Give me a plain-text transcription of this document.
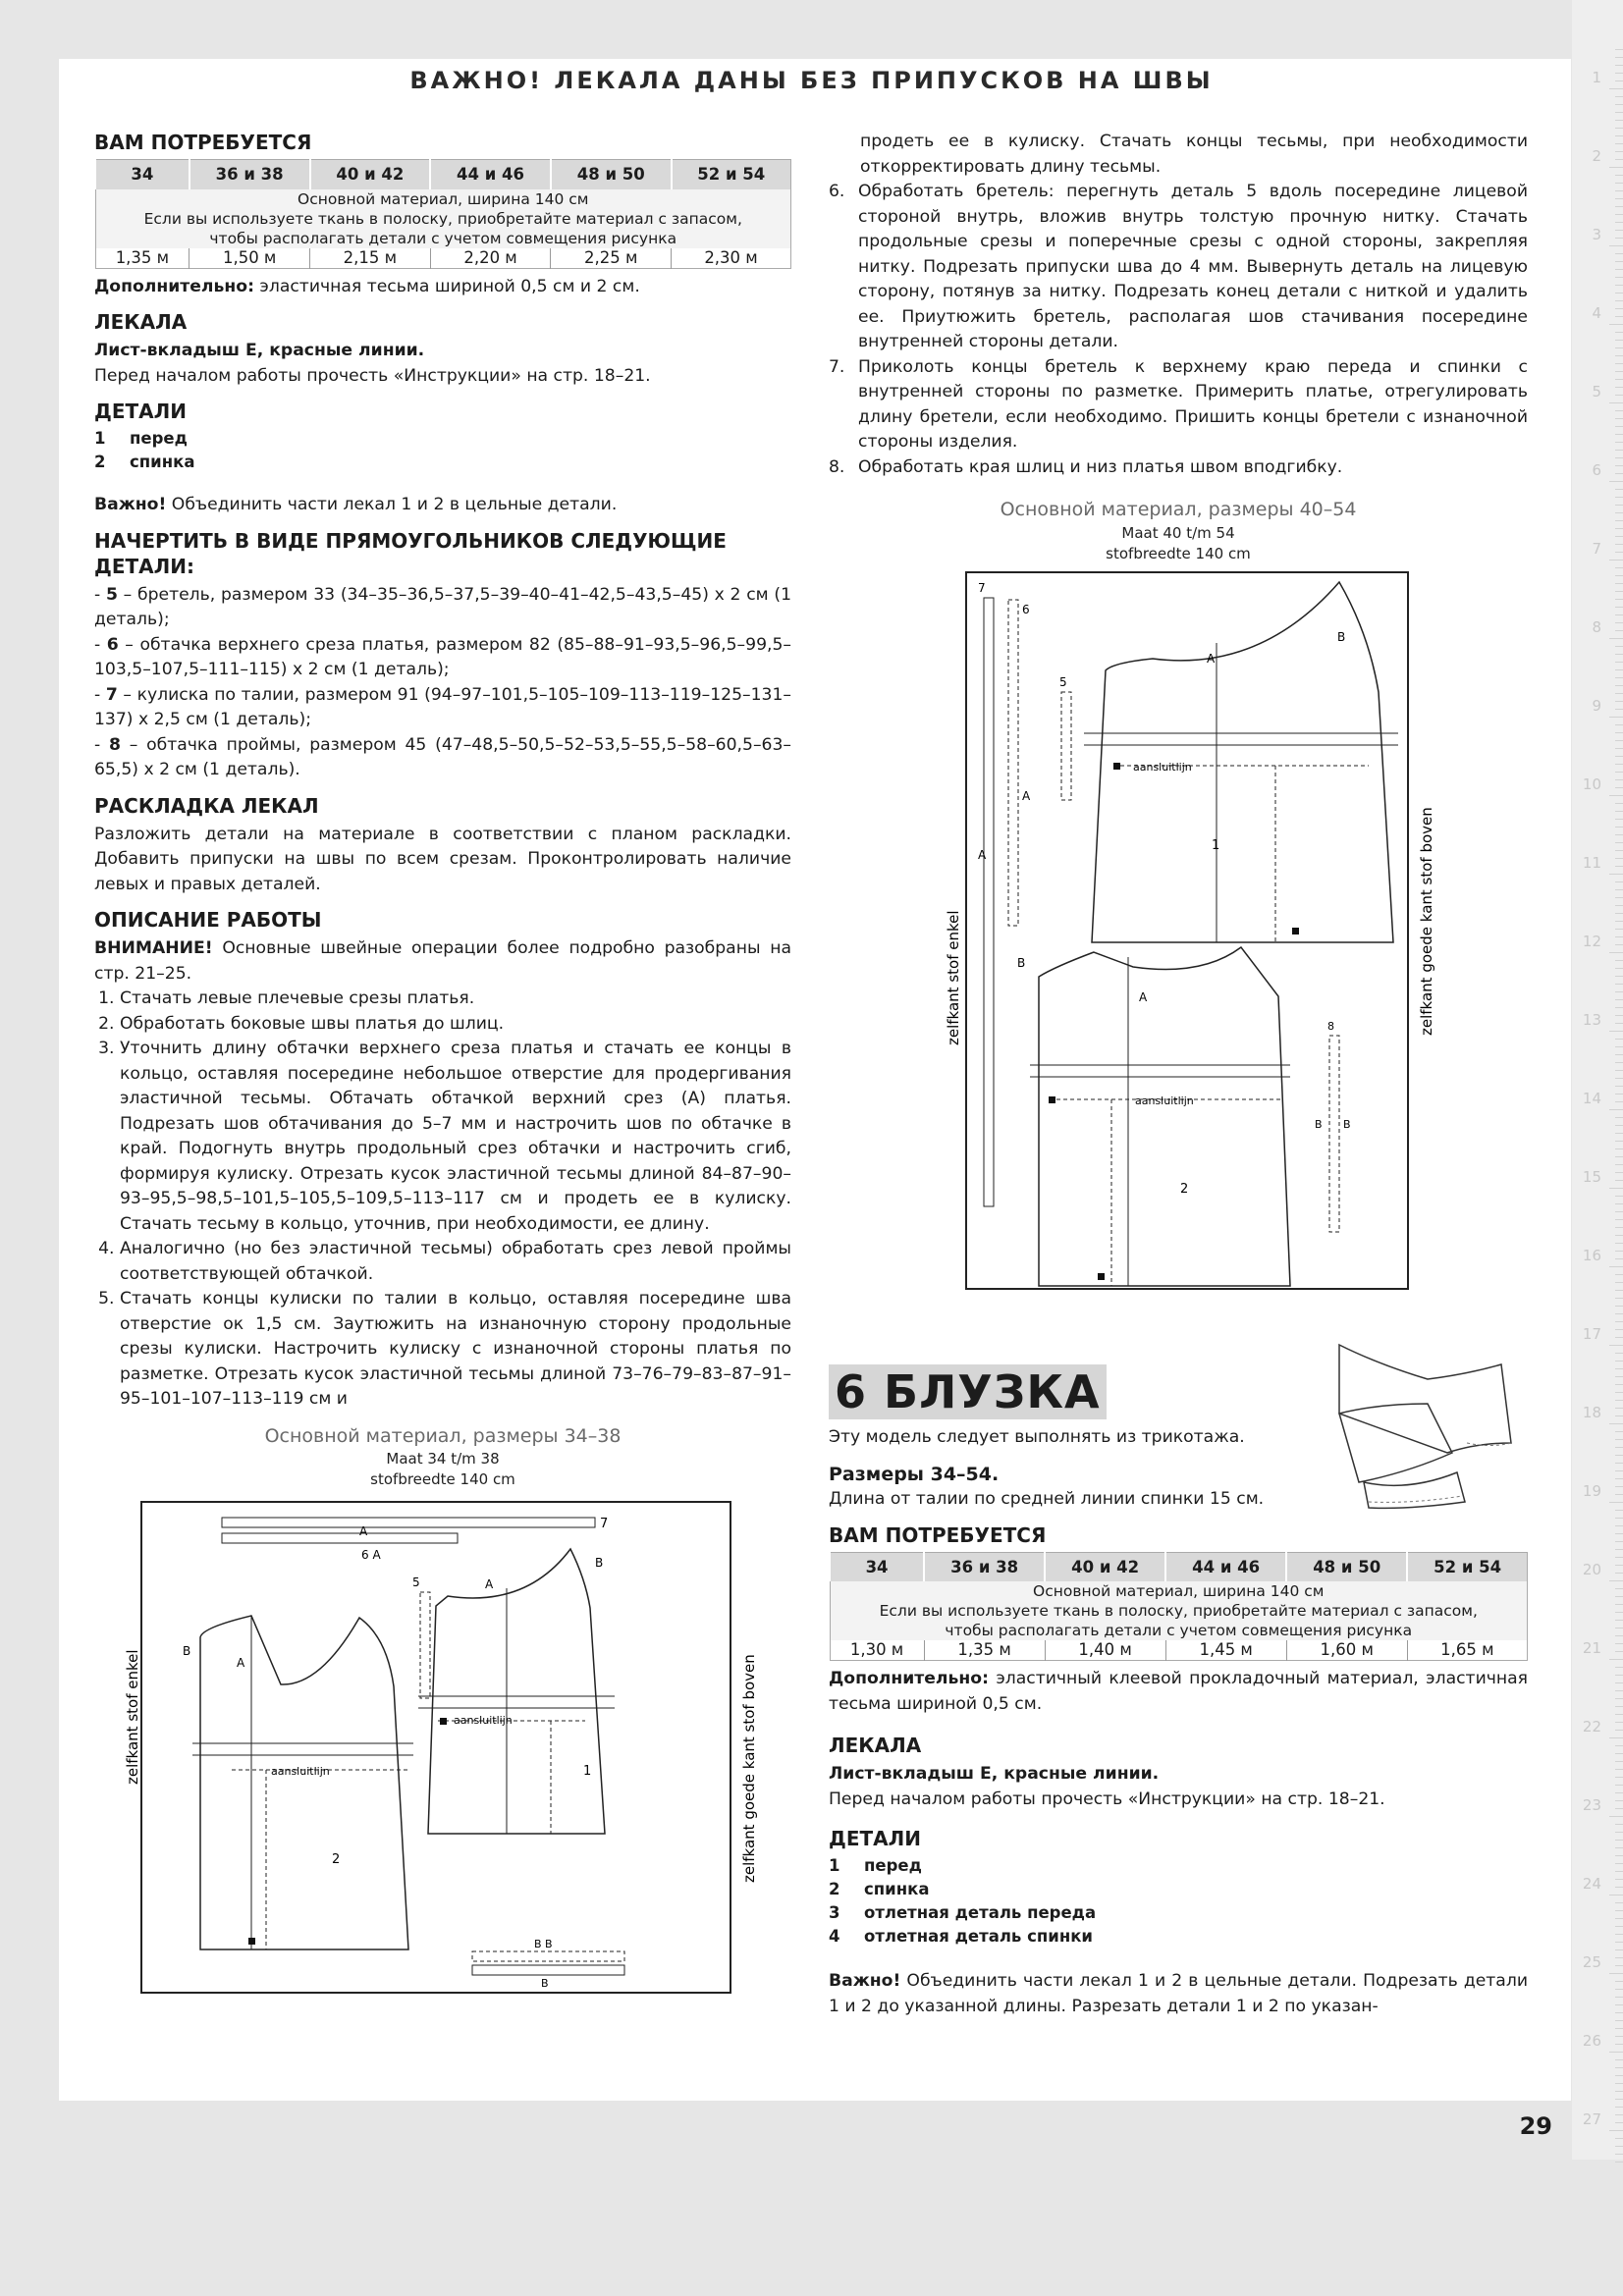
1
2
3
4
5
6
7
8
9
10
11
12
13
14
15
16
17
18
19
20
21
22
23
24
25
26
27
ВАЖНО! ЛЕКАЛА ДАНЫ БЕЗ ПРИПУСКОВ НА ШВЫ
ВАМ ПОТРЕБУЕТСЯ
34	36 и 38	40 и 42	44 и 46	48 и 50	52 и 54
Основной материал, ширина 140 см					
Если вы используете ткань в полоску, приобретайте материал с запасом,					
чтобы располагать детали с учетом совмещения рисунка					
1,35 м	1,50 м	2,15 м	2,20 м	2,25 м	2,30 м

Дополнительно: эластичная тесьма шириной 0,5 см и 2 см.

ЛЕКАЛА

Лист-вкладыш Е, красные линии.

Перед началом работы прочесть «Инструкции» на стр. 18–21.

ДЕТАЛИ
1 перед
2 спинка

Важно! Объединить части лекал 1 и 2 в цельные детали.

НАЧЕРТИТЬ В ВИДЕ ПРЯМОУГОЛЬНИКОВ СЛЕДУЮЩИЕ ДЕТАЛИ:

- 5 – бретель, размером 33 (34–35–36,5–37,5–39–40–41–42,5–43,5–45) х 2 см (1 деталь);

- 6 – обтачка верхнего среза платья, размером 82 (85–88–91–93,5–96,5–99,5–103,5–107,5–111–115) х 2 см (1 деталь);

- 7 – кулиска по талии, размером 91 (94–97–101,5–105–109–113–119–125–131–137) х 2,5 см (1 деталь);

- 8 – обтачка проймы, размером 45 (47–48,5–50,5–52–53,5–55,5–58–60,5–63–65,5) х 2 см (1 деталь).

РАСКЛАДКА ЛЕКАЛ

Разложить детали на материале в соответствии с планом раскладки. Добавить припуски на швы по всем срезам. Проконтролировать наличие левых и правых деталей.

ОПИСАНИЕ РАБОТЫ

ВНИМАНИЕ! Основные швейные операции более подробно разобраны на стр. 21–25.

1. Стачать левые плечевые срезы платья.
2. Обработать боковые швы платья до шлиц.
3. Уточнить длину обтачки верхнего среза платья и стачать ее концы в кольцо, оставляя посередине небольшое отверстие для продергивания эластичной тесьмы. Обтачать обтачкой верхний срез (А) платья. Подрезать шов обтачивания до 5–7 мм и настрочить шов по обтачке в край. Подогнуть внутрь продольный срез обтачки и настрочить сгиб, формируя кулиску. Отрезать кусок эластичной тесьмы длиной 84–87–90–93–95,5–98,5–101,5–105,5–109,5–113–117 см и продеть ее в кулиску. Стачать тесьму в кольцо, уточнив, при необходимости, ее длину.
4. Аналогично (но без эластичной тесьмы) обработать срез левой проймы соответствующей обтачкой.
5. Стачать концы кулиски по талии в кольцо, оставляя посередине шва отверстие ок 1,5 см. Заутюжить на изнаночную сторону продольные срезы кулиски. Настрочить кулиску с изнаночной стороны платья по разметке. Отрезать кусок эластичной тесьмы длиной 73–76–79–83–87–91–95–101–107–113–119 см и
Основной материал, размеры 34–38
Maat 34 t/m 38
stofbreedte 140 cm
7
A
6 A
5
aansluitlijn
B
A
2
aansluitlijn
A
B
1
B B
B
zelfkant stof enkel	zelfkant goede kant stof boven

продеть ее в кулиску. Стачать концы тесьмы, при необходимости откорректировать длину тесьмы.

6. Обработать бретель: перегнуть деталь 5 вдоль посередине лицевой стороной внутрь, вложив внутрь толстую прочную нитку. Стачать продольные срезы и поперечные срезы с одной стороны, закрепляя нитку. Подрезать припуски шва до 4 мм. Вывернуть деталь на лицевую сторону, потянув за нитку. Подрезать конец детали с ниткой и удалить ее. Приутюжить бретель, располагая шов стачивания посередине внутренней стороны детали.
7. Приколоть концы бретель к верхнему краю переда и спинки с внутренней стороны по разметке. Примерить платье, отрегулировать длину бретели, если необходимо. Пришить концы бретели с изнаночной стороны изделия.
8. Обработать края шлиц и низ платья швом вподгибку.
Основной материал, размеры 40–54
Maat 40 t/m 54
stofbreedte 140 cm
7
A
6
A
5
aansluitlijn
A
B
1
aansluitlijn
B
A
2
8
B B
zelfkant stof enkel	zelfkant goede kant stof boven
6 БЛУЗКА

Эту модель следует выполнять из трикотажа.

Размеры 34–54.

Длина от талии по средней линии спинки 15 см.

ВАМ ПОТРЕБУЕТСЯ
34	36 и 38	40 и 42	44 и 46	48 и 50	52 и 54
Основной материал, ширина 140 см					
Если вы используете ткань в полоску, приобретайте материал с запасом,					
чтобы располагать детали с учетом совмещения рисунка					
1,30 м	1,35 м	1,40 м	1,45 м	1,60 м	1,65 м

Дополнительно: эластичный клеевой прокладочный материал, эластичная тесьма шириной 0,5 см.

ЛЕКАЛА

Лист-вкладыш Е, красные линии.

Перед началом работы прочесть «Инструкции» на стр. 18–21.

ДЕТАЛИ
1 перед
2 спинка
3 отлетная деталь переда
4 отлетная деталь спинки

Важно! Объединить части лекал 1 и 2 в цельные детали. Подрезать детали 1 и 2 до указанной длины. Разрезать детали 1 и 2 по указан-

29
